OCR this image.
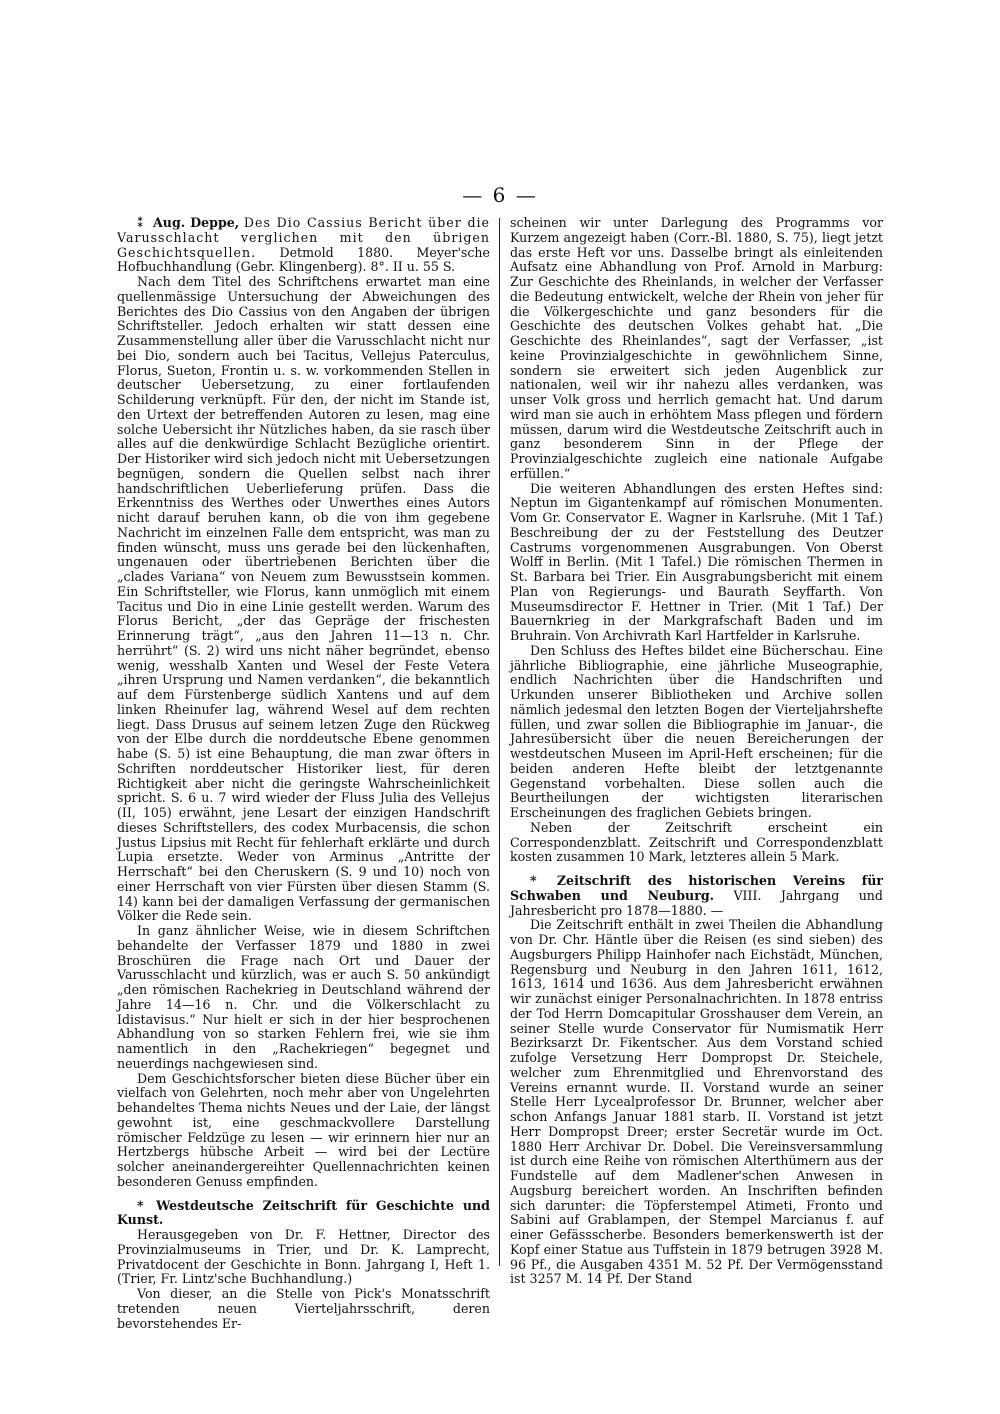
— 6 —

⁑ Aug. Deppe, Des Dio Cassius Bericht über die Varusschlacht verglichen mit den übrigen Geschichtsquellen. Detmold 1880. Meyer'sche Hofbuchhandlung (Gebr. Klingenberg). 8°. II u. 55 S.

Nach dem Titel des Schriftchens erwartet man eine quellenmässige Untersuchung der Abweichungen des Berichtes des Dio Cassius von den Angaben der übrigen Schriftsteller. Jedoch erhalten wir statt dessen eine Zusammenstellung aller über die Varusschlacht nicht nur bei Dio, sondern auch bei Tacitus, Vellejus Paterculus, Florus, Sueton, Frontin u. s. w. vorkommenden Stellen in deutscher Uebersetzung, zu einer fortlaufenden Schilderung verknüpft. Für den, der nicht im Stande ist, den Urtext der betreffenden Autoren zu lesen, mag eine solche Uebersicht ihr Nützliches haben, da sie rasch über alles auf die denkwürdige Schlacht Bezügliche orientirt. Der Historiker wird sich jedoch nicht mit Uebersetzungen begnügen, sondern die Quellen selbst nach ihrer handschriftlichen Ueberlieferung prüfen. Dass die Erkenntniss des Werthes oder Unwerthes eines Autors nicht darauf beruhen kann, ob die von ihm gegebene Nachricht im einzelnen Falle dem entspricht, was man zu finden wünscht, muss uns gerade bei den lückenhaften, ungenauen oder übertriebenen Berichten über die „clades Variana“ von Neuem zum Bewusstsein kommen. Ein Schriftsteller, wie Florus, kann unmöglich mit einem Tacitus und Dio in eine Linie gestellt werden. Warum des Florus Bericht, „der das Gepräge der frischesten Erinnerung trägt“, „aus den Jahren 11—13 n. Chr. herrührt“ (S. 2) wird uns nicht näher begründet, ebenso wenig, wesshalb Xanten und Wesel der Feste Vetera „ihren Ursprung und Namen verdanken“, die bekanntlich auf dem Fürstenberge südlich Xantens und auf dem linken Rheinufer lag, während Wesel auf dem rechten liegt. Dass Drusus auf seinem letzen Zuge den Rückweg von der Elbe durch die norddeutsche Ebene genommen habe (S. 5) ist eine Behauptung, die man zwar öfters in Schriften norddeutscher Historiker liest, für deren Richtigkeit aber nicht die geringste Wahrscheinlichkeit spricht. S. 6 u. 7 wird wieder der Fluss Julia des Vellejus (II, 105) erwähnt, jene Lesart der einzigen Handschrift dieses Schriftstellers, des codex Murbacensis, die schon Justus Lipsius mit Recht für fehlerhaft erklärte und durch Lupia ersetzte. Weder von Arminus „Antritte der Herrschaft“ bei den Cheruskern (S. 9 und 10) noch von einer Herrschaft von vier Fürsten über diesen Stamm (S. 14) kann bei der damaligen Verfassung der germanischen Völker die Rede sein.

In ganz ähnlicher Weise, wie in diesem Schriftchen behandelte der Verfasser 1879 und 1880 in zwei Broschüren die Frage nach Ort und Dauer der Varusschlacht und kürzlich, was er auch S. 50 ankündigt „den römischen Rachekrieg in Deutschland während der Jahre 14—16 n. Chr. und die Völkerschlacht zu Idistavisus.“ Nur hielt er sich in der hier besprochenen Abhandlung von so starken Fehlern frei, wie sie ihm namentlich in den „Rachekriegen“ begegnet und neuerdings nachgewiesen sind.

Dem Geschichtsforscher bieten diese Bücher über ein vielfach von Gelehrten, noch mehr aber von Ungelehrten behandeltes Thema nichts Neues und der Laie, der längst gewohnt ist, eine geschmackvollere Darstellung römischer Feldzüge zu lesen — wir erinnern hier nur an Hertzbergs hübsche Arbeit — wird bei der Lectüre solcher aneinandergereihter Quellennachrichten keinen besonderen Genuss empfinden.

* Westdeutsche Zeitschrift für Geschichte und Kunst.

Herausgegeben von Dr. F. Hettner, Director des Provinzialmuseums in Trier, und Dr. K. Lamprecht, Privatdocent der Geschichte in Bonn. Jahrgang I, Heft 1. (Trier, Fr. Lintz'sche Buchhandlung.)

Von dieser, an die Stelle von Pick's Monatsschrift tretenden neuen Vierteljahrsschrift, deren bevorstehendes Er-

scheinen wir unter Darlegung des Programms vor Kurzem angezeigt haben (Corr.-Bl. 1880, S. 75), liegt jetzt das erste Heft vor uns. Dasselbe bringt als einleitenden Aufsatz eine Abhandlung von Prof. Arnold in Marburg: Zur Geschichte des Rheinlands, in welcher der Verfasser die Bedeutung entwickelt, welche der Rhein von jeher für die Völkergeschichte und ganz besonders für die Geschichte des deutschen Volkes gehabt hat. „Die Geschichte des Rheinlandes“, sagt der Verfasser, „ist keine Provinzialgeschichte in gewöhnlichem Sinne, sondern sie erweitert sich jeden Augenblick zur nationalen, weil wir ihr nahezu alles verdanken, was unser Volk gross und herrlich gemacht hat. Und darum wird man sie auch in erhöhtem Mass pflegen und fördern müssen, darum wird die Westdeutsche Zeitschrift auch in ganz besonderem Sinn in der Pflege der Provinzialgeschichte zugleich eine nationale Aufgabe erfüllen.“

Die weiteren Abhandlungen des ersten Heftes sind: Neptun im Gigantenkampf auf römischen Monumenten. Vom Gr. Conservator E. Wagner in Karlsruhe. (Mit 1 Taf.) Beschreibung der zu der Feststellung des Deutzer Castrums vorgenommenen Ausgrabungen. Von Oberst Wolff in Berlin. (Mit 1 Tafel.) Die römischen Thermen in St. Barbara bei Trier. Ein Ausgrabungsbericht mit einem Plan von Regierungs- und Baurath Seyffarth. Von Museumsdirector F. Hettner in Trier. (Mit 1 Taf.) Der Bauernkrieg in der Markgrafschaft Baden und im Bruhrain. Von Archivrath Karl Hartfelder in Karlsruhe.

Den Schluss des Heftes bildet eine Bücherschau. Eine jährliche Bibliographie, eine jährliche Museographie, endlich Nachrichten über die Handschriften und Urkunden unserer Bibliotheken und Archive sollen nämlich jedesmal den letzten Bogen der Vierteljahrshefte füllen, und zwar sollen die Bibliographie im Januar-, die Jahresübersicht über die neuen Bereicherungen der westdeutschen Museen im April-Heft erscheinen; für die beiden anderen Hefte bleibt der letztgenannte Gegenstand vorbehalten. Diese sollen auch die Beurtheilungen der wichtigsten literarischen Erscheinungen des fraglichen Gebiets bringen.

Neben der Zeitschrift erscheint ein Correspondenzblatt. Zeitschrift und Correspondenzblatt kosten zusammen 10 Mark, letzteres allein 5 Mark.

* Zeitschrift des historischen Vereins für Schwaben und Neuburg. VIII. Jahrgang und Jahresbericht pro 1878—1880. —

Die Zeitschrift enthält in zwei Theilen die Abhandlung von Dr. Chr. Häntle über die Reisen (es sind sieben) des Augsburgers Philipp Hainhofer nach Eichstädt, München, Regensburg und Neuburg in den Jahren 1611, 1612, 1613, 1614 und 1636. Aus dem Jahresbericht erwähnen wir zunächst einiger Personalnachrichten. In 1878 entriss der Tod Herrn Domcapitular Grosshauser dem Verein, an seiner Stelle wurde Conservator für Numismatik Herr Bezirksarzt Dr. Fikentscher. Aus dem Vorstand schied zufolge Versetzung Herr Dompropst Dr. Steichele, welcher zum Ehrenmitglied und Ehrenvorstand des Vereins ernannt wurde. II. Vorstand wurde an seiner Stelle Herr Lycealprofessor Dr. Brunner, welcher aber schon Anfangs Januar 1881 starb. II. Vorstand ist jetzt Herr Dompropst Dreer; erster Secretär wurde im Oct. 1880 Herr Archivar Dr. Dobel. Die Vereinsversammlung ist durch eine Reihe von römischen Alterthümern aus der Fundstelle auf dem Madlener'schen Anwesen in Augsburg bereichert worden. An Inschriften befinden sich darunter: die Töpferstempel Atimeti, Fronto und Sabini auf Grablampen, der Stempel Marcianus f. auf einer Gefässscherbe. Besonders bemerkenswerth ist der Kopf einer Statue aus Tuffstein in 1879 betrugen 3928 M. 96 Pf., die Ausgaben 4351 M. 52 Pf. Der Vermögensstand ist 3257 M. 14 Pf. Der Stand
